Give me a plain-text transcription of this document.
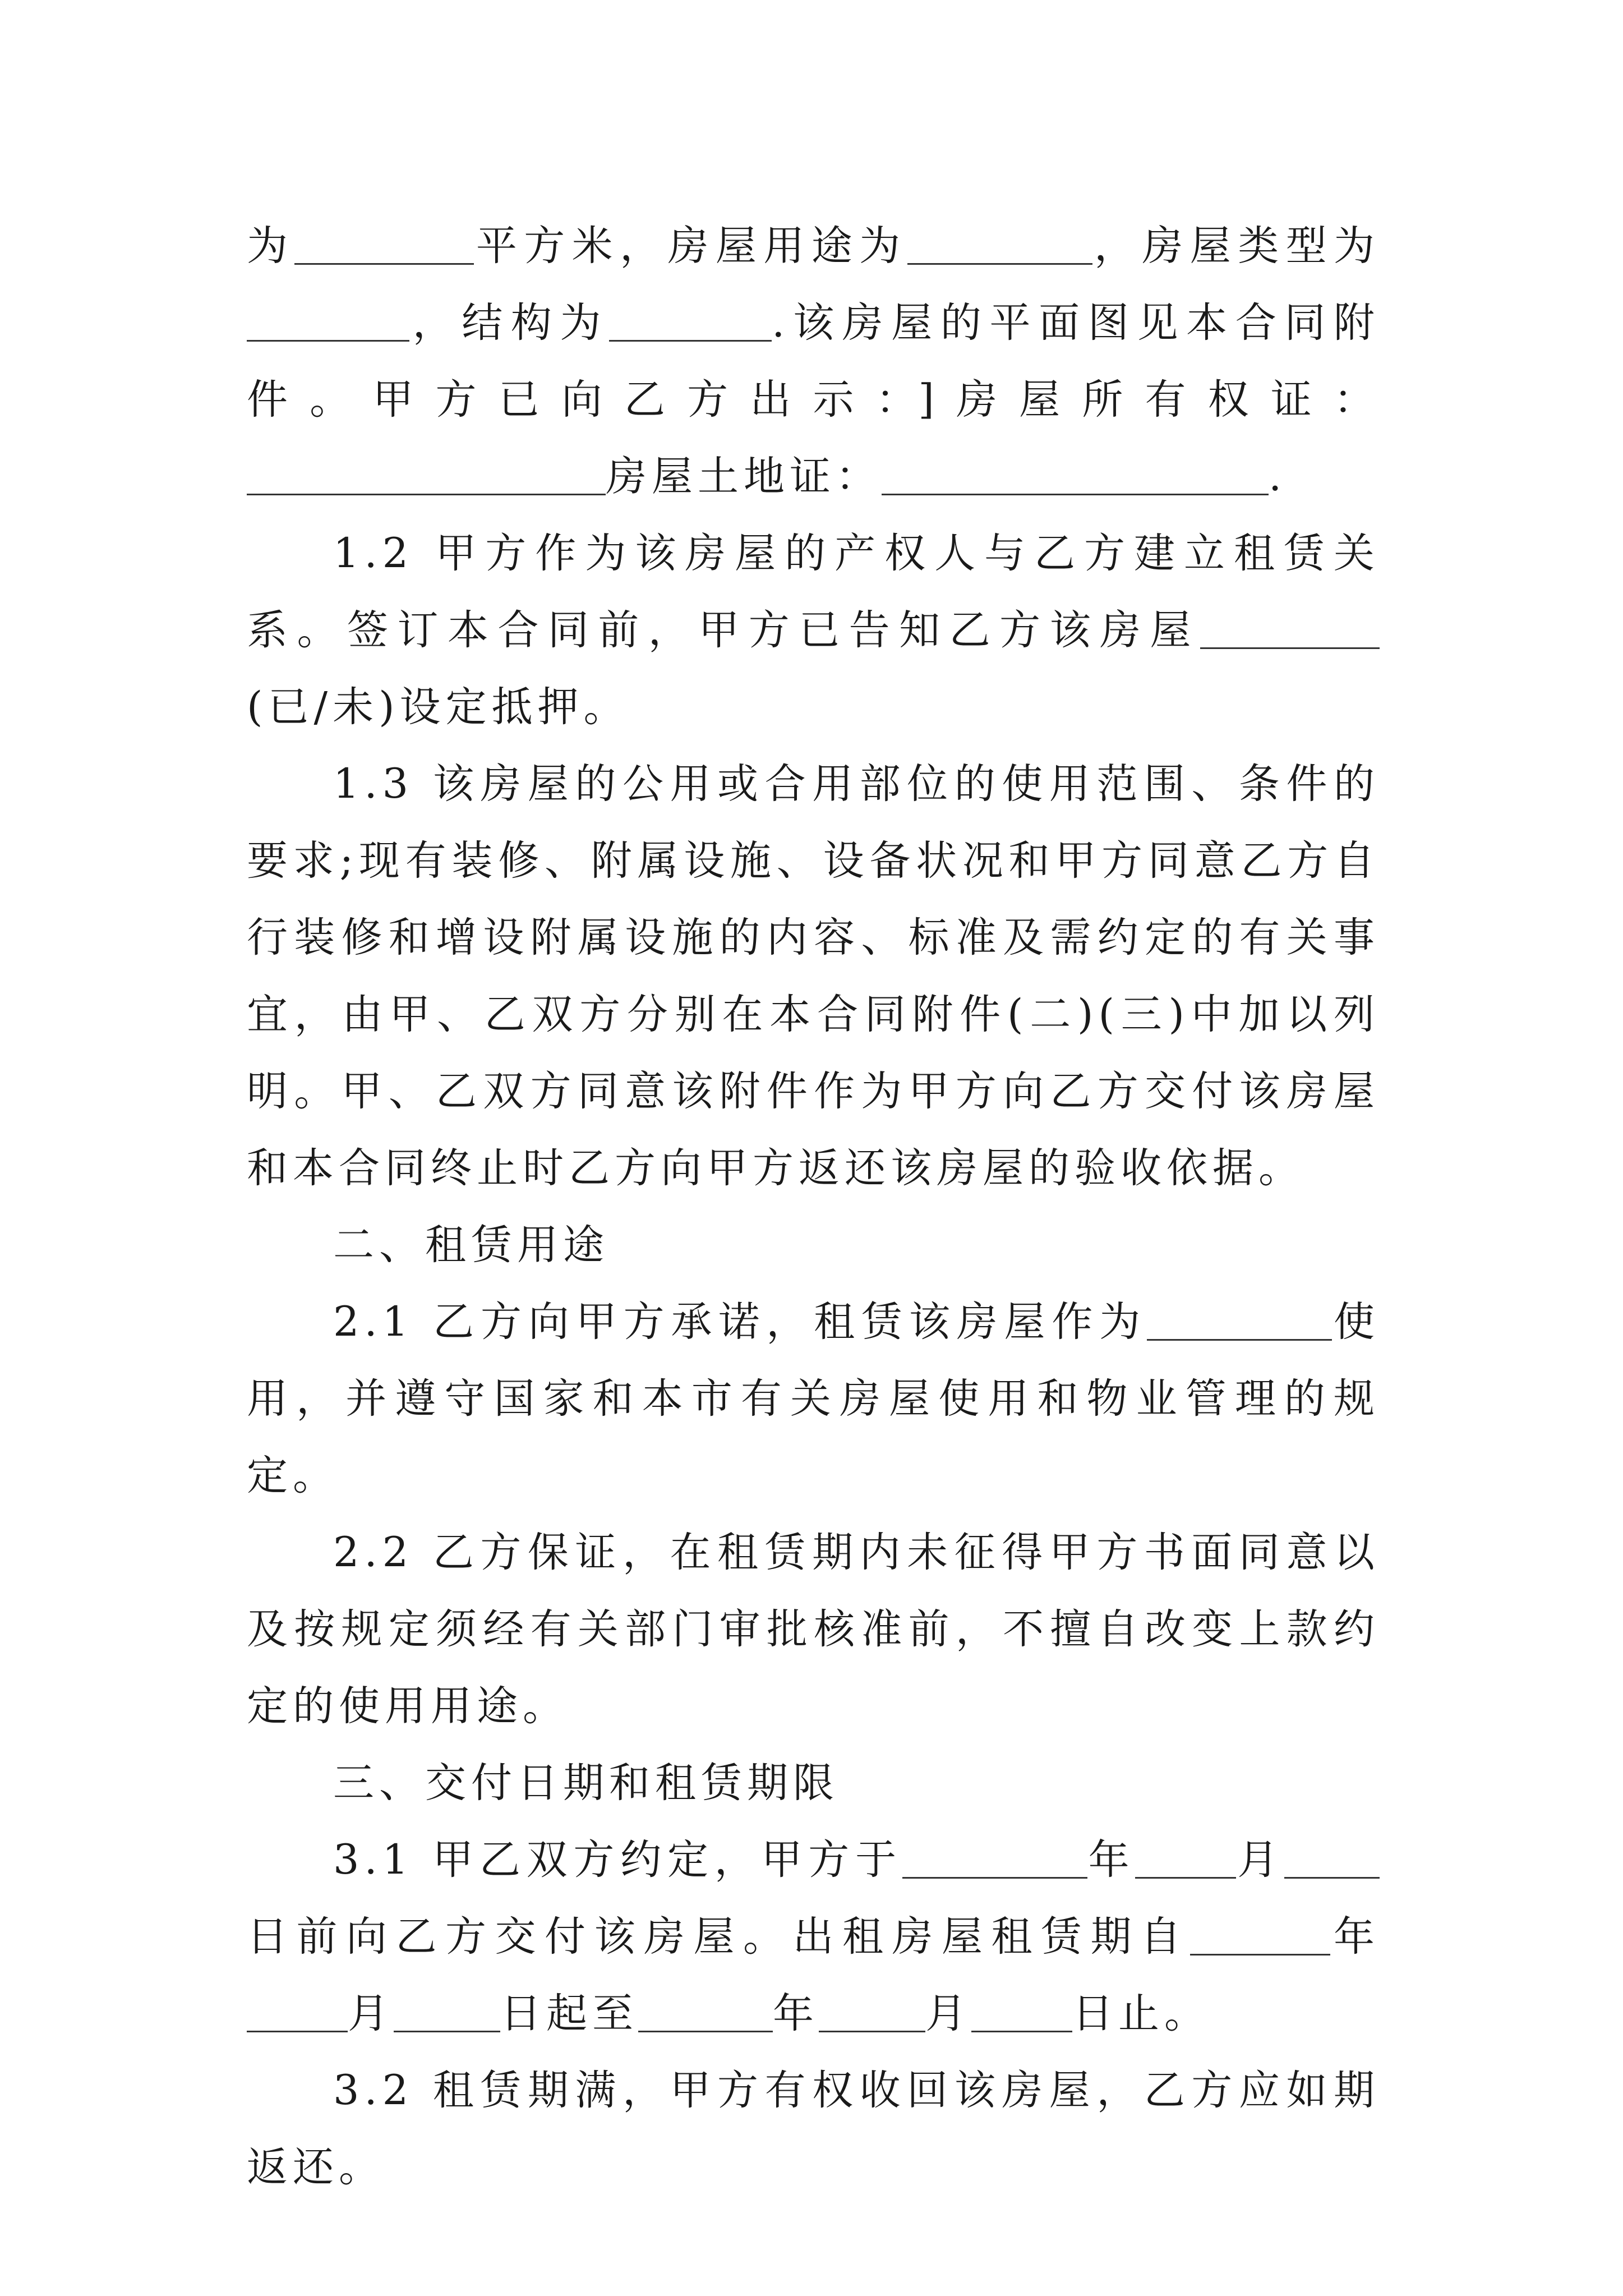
为	平方米，房屋用途为	，房屋类型为，结构为	.该房屋的平面图见本合同附件。甲方已向乙方出示：]房屋所有权证：房屋土地证：	.

1.2 甲方作为该房屋的产权人与乙方建立租赁关系。签订本合同前，甲方已告知乙方该房屋(已/未)设定抵押。

1.3 该房屋的公用或合用部位的使用范围、条件的要求;现有装修、附属设施、设备状况和甲方同意乙方自行装修和增设附属设施的内容、标准及需约定的有关事宜，由甲、乙双方分别在本合同附件(二)(三)中加以列明。甲、乙双方同意该附件作为甲方向乙方交付该房屋和本合同终止时乙方向甲方返还该房屋的验收依据。

二、租赁用途

2.1 乙方向甲方承诺，租赁该房屋作为	使用，并遵守国家和本市有关房屋使用和物业管理的规定。

2.2 乙方保证，在租赁期内未征得甲方书面同意以及按规定须经有关部门审批核准前，不擅自改变上款约定的使用用途。

三、交付日期和租赁期限

3.1 甲乙双方约定，甲方于	年 月日前向乙方交付该房屋。出租房屋租赁期自	年月	日起至	年	月 日止。

3.2 租赁期满，甲方有权收回该房屋，乙方应如期返还。
